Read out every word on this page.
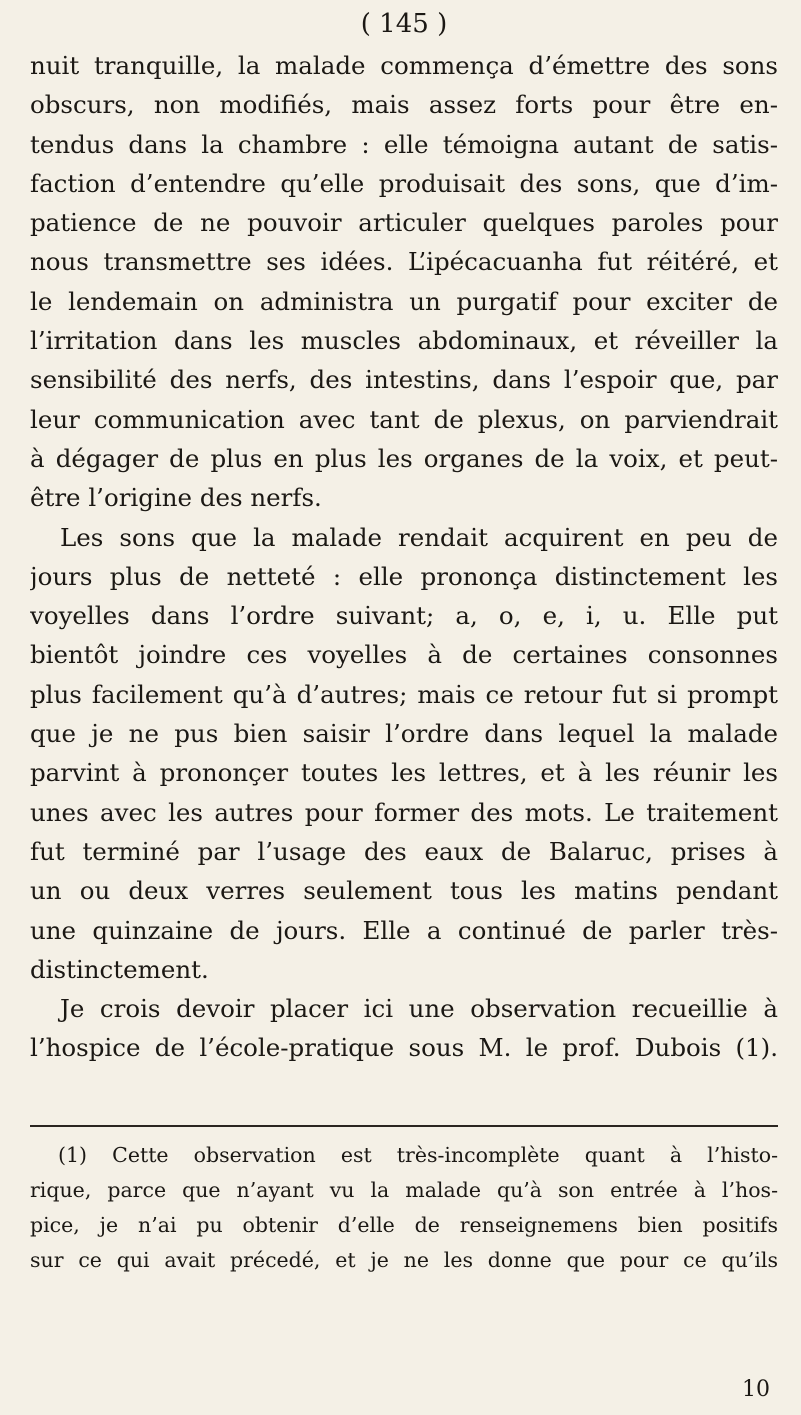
( 145 )
nuit tranquille, la malade commença d’émettre des sons
obscurs, non modifiés, mais assez forts pour être en-
tendus dans la chambre : elle témoigna autant de satis-
faction d’entendre qu’elle produisait des sons, que d’im-
patience de ne pouvoir articuler quelques paroles pour
nous transmettre ses idées. L’ipécacuanha fut réitéré, et
le lendemain on administra un purgatif pour exciter de
l’irritation dans les muscles abdominaux, et réveiller la
sensibilité des nerfs, des intestins, dans l’espoir que, par
leur communication avec tant de plexus, on parviendrait
à dégager de plus en plus les organes de la voix, et peut-
être l’origine des nerfs.
Les sons que la malade rendait acquirent en peu de
jours plus de netteté : elle prononça distinctement les
voyelles dans l’ordre suivant; a, o, e, i, u. Elle put
bientôt joindre ces voyelles à de certaines consonnes
plus facilement qu’à d’autres; mais ce retour fut si prompt
que je ne pus bien saisir l’ordre dans lequel la malade
parvint à prononçer toutes les lettres, et à les réunir les
unes avec les autres pour former des mots. Le traitement
fut terminé par l’usage des eaux de Balaruc, prises à
un ou deux verres seulement tous les matins pendant
une quinzaine de jours. Elle a continué de parler très-
distinctement.
Je crois devoir placer ici une observation recueillie à
l’hospice de l’école-pratique sous M. le prof. Dubois (1).
(1) Cette observation est très-incomplète quant à l’histo-
rique, parce que n’ayant vu la malade qu’à son entrée à l’hos-
pice, je n’ai pu obtenir d’elle de renseignemens bien positifs
sur ce qui avait précedé, et je ne les donne que pour ce qu’ils
10
